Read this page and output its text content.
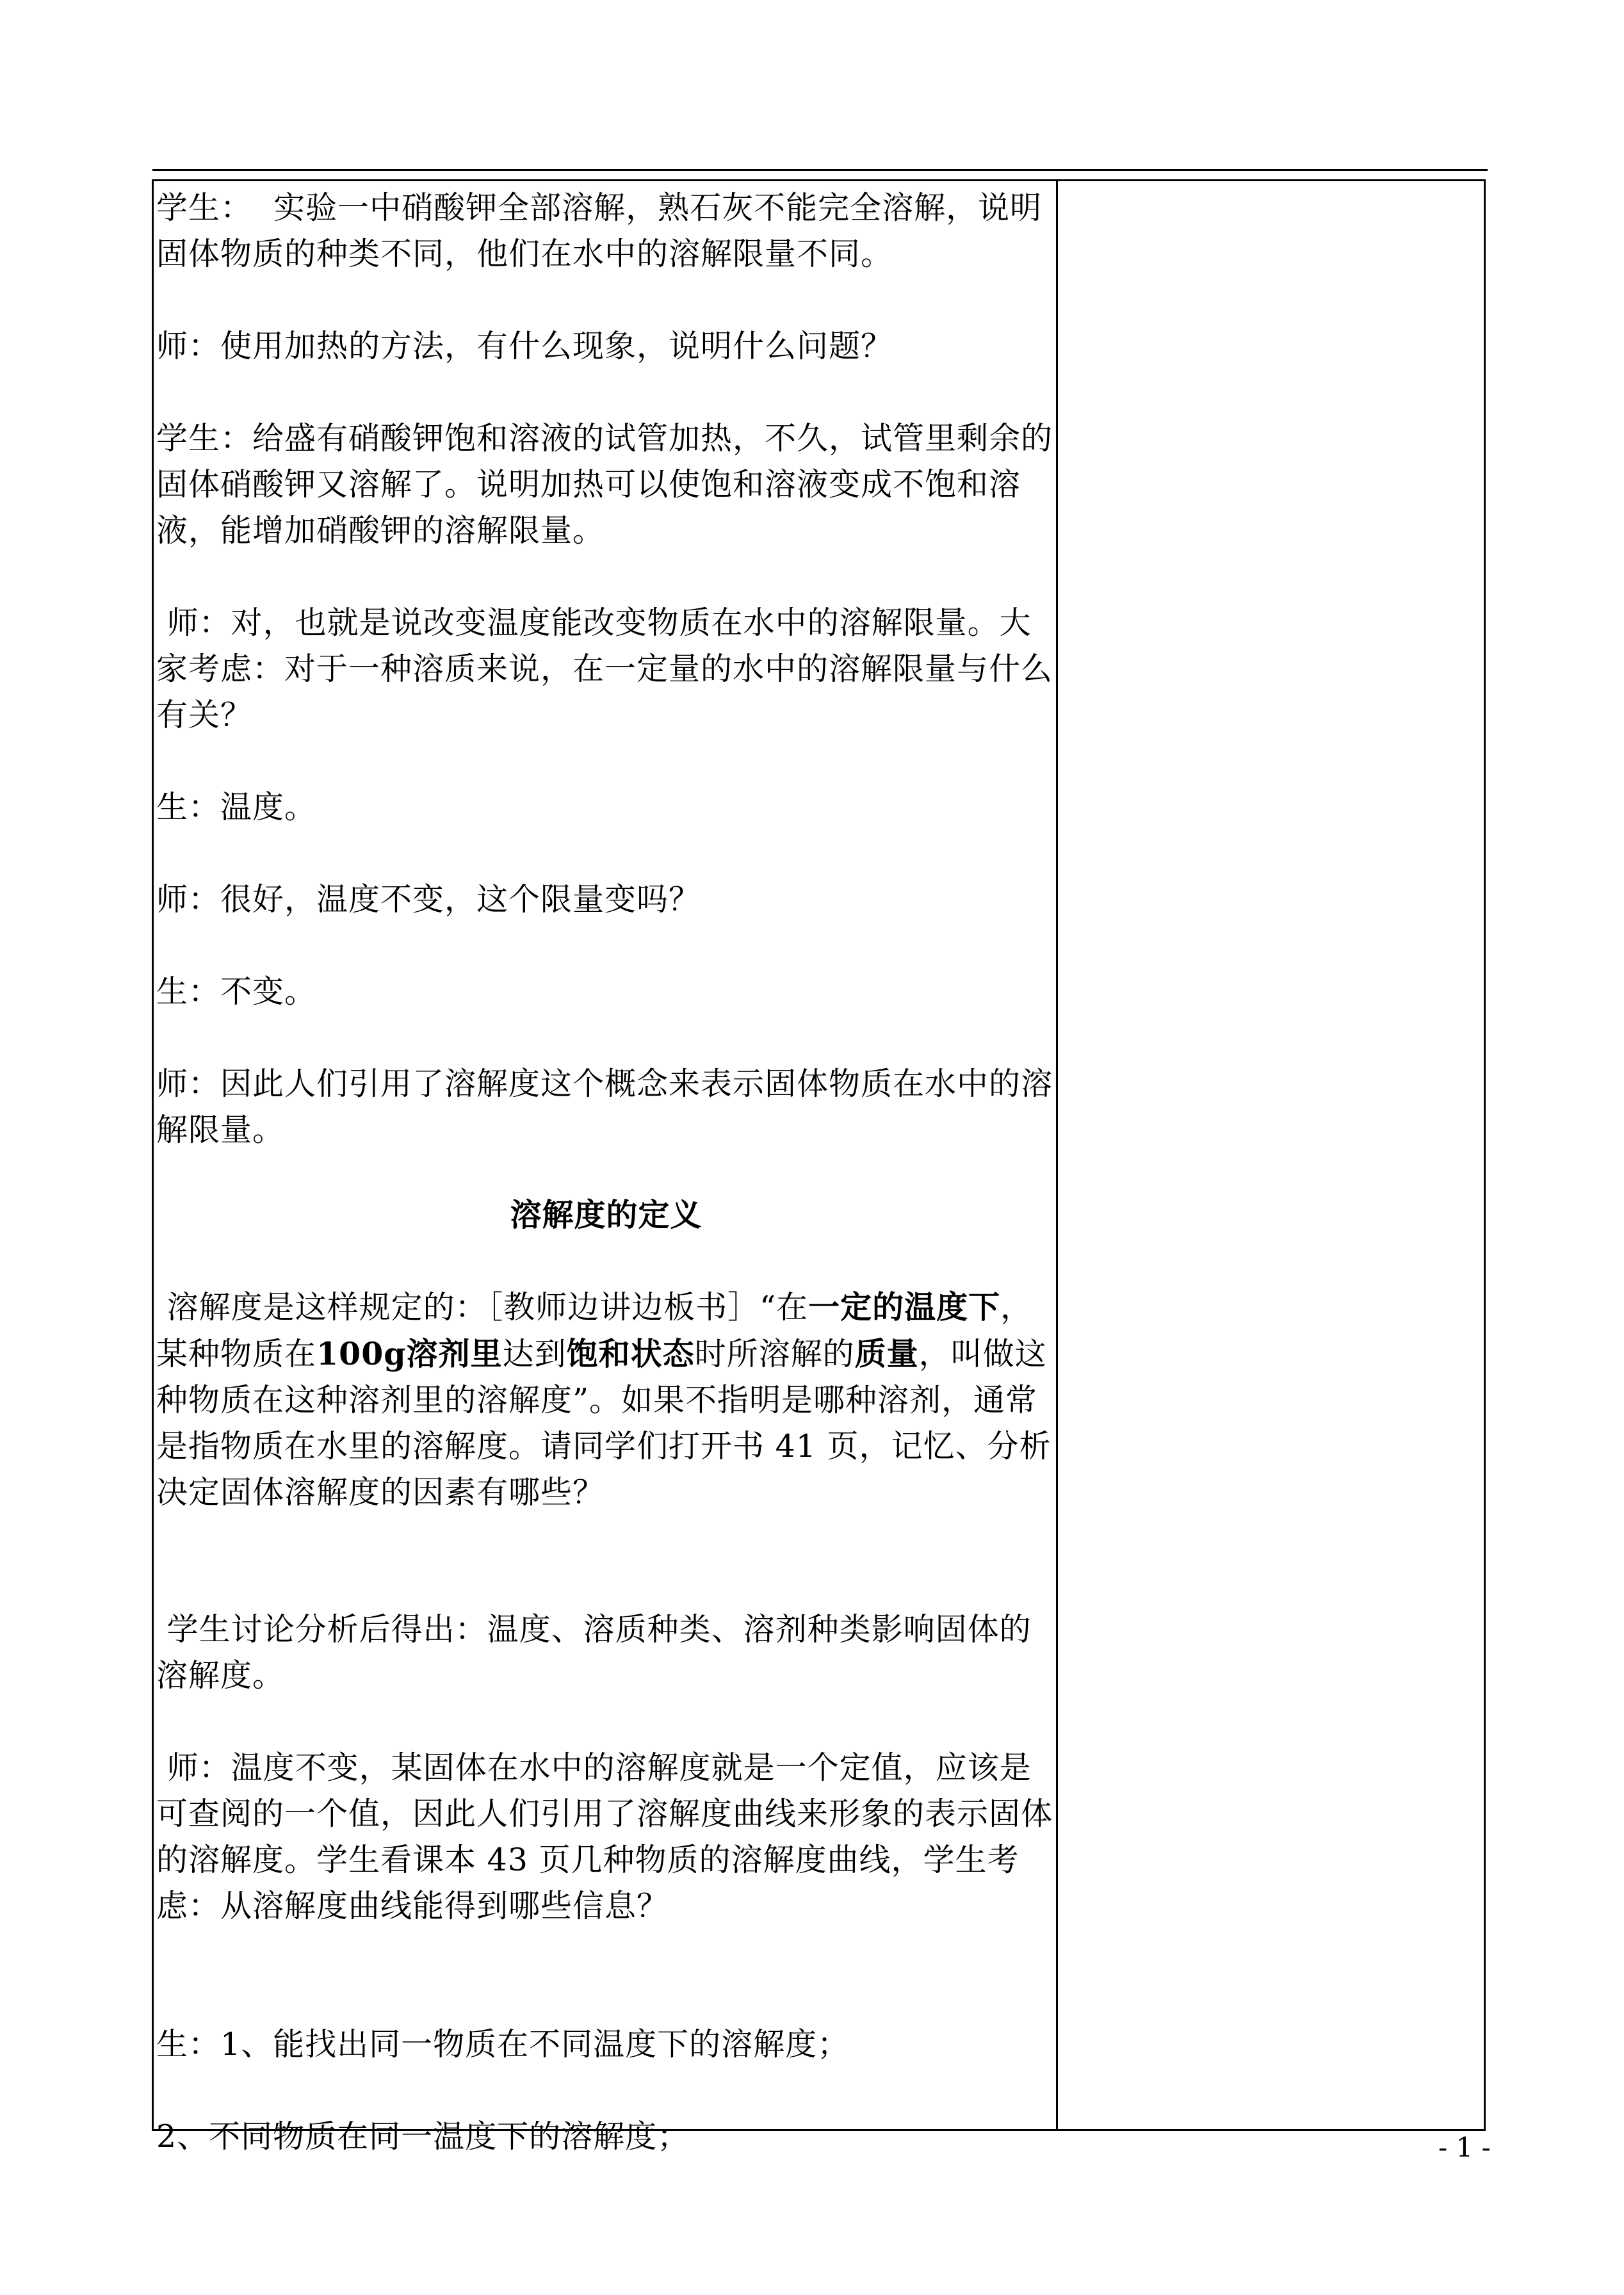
学生：  实验一中硝酸钾全部溶解，熟石灰不能完全溶解，说明固体物质的种类不同，他们在水中的溶解限量不同。

师：使用加热的方法，有什么现象，说明什么问题？

学生：给盛有硝酸钾饱和溶液的试管加热，不久，试管里剩余的固体硝酸钾又溶解了。说明加热可以使饱和溶液变成不饱和溶液，能增加硝酸钾的溶解限量。

师：对，也就是说改变温度能改变物质在水中的溶解限量。大家考虑：对于一种溶质来说，在一定量的水中的溶解限量与什么有关？

生：温度。

师：很好，温度不变，这个限量变吗？

生：不变。

师：因此人们引用了溶解度这个概念来表示固体物质在水中的溶解限量。

溶解度的定义

溶解度是这样规定的：［教师边讲边板书］“在一定的温度下，某种物质在100g溶剂里达到饱和状态时所溶解的质量，叫做这种物质在这种溶剂里的溶解度”。如果不指明是哪种溶剂，通常是指物质在水里的溶解度。请同学们打开书 41 页，记忆、分析决定固体溶解度的因素有哪些？

学生讨论分析后得出：温度、溶质种类、溶剂种类影响固体的溶解度。

师：温度不变，某固体在水中的溶解度就是一个定值，应该是可查阅的一个值，因此人们引用了溶解度曲线来形象的表示固体的溶解度。学生看课本 43 页几种物质的溶解度曲线，学生考虑：从溶解度曲线能得到哪些信息？

生：1、能找出同一物质在不同温度下的溶解度；

2、不同物质在同一温度下的溶解度；	- 1 -
